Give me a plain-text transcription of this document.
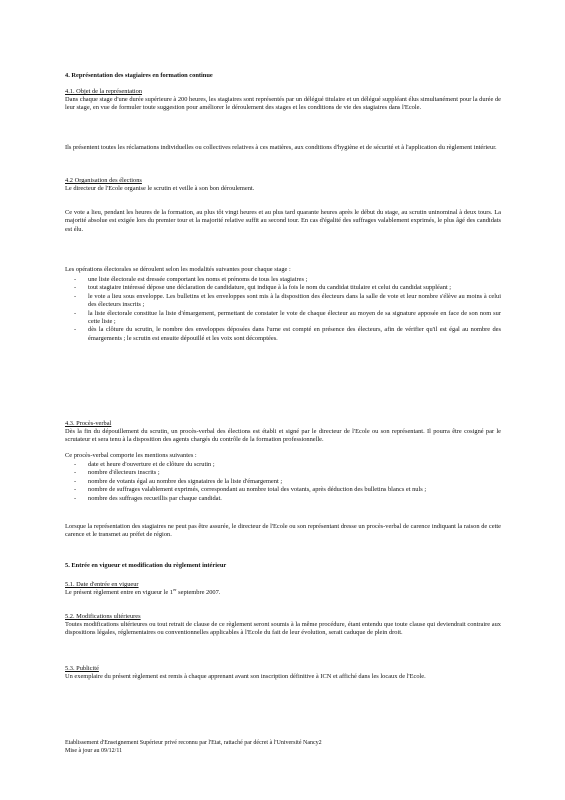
4. Représentation des stagiaires en formation continue
4.1. Objet de la représentation
Dans chaque stage d'une durée supérieure à 200 heures, les stagiaires sont représentés par un délégué titulaire et un délégué suppléant élus simultanément pour la durée de leur stage, en vue de formuler toute suggestion pour améliorer le déroulement des stages et les conditions de vie des stagiaires dans l'Ecole.
Ils présentent toutes les réclamations individuelles ou collectives relatives à ces matières, aux conditions d'hygiène et de sécurité et à l'application du règlement intérieur.
4.2 Organisation des élections
Le directeur de l'Ecole organise le scrutin et veille à son bon déroulement.
Ce vote a lieu, pendant les heures de la formation, au plus tôt vingt heures et au plus tard quarante heures après le début du stage, au scrutin uninominal à deux tours. La majorité absolue est exigée lors du premier tour et la majorité relative suffit au second tour. En cas d'égalité des suffrages valablement exprimés, le plus âgé des candidats est élu.
Les opérations électorales se déroulent selon les modalités suivantes pour chaque stage :
- une liste électorale est dressée comportant les noms et prénoms de tous les stagiaires ;
- tout stagiaire intéressé dépose une déclaration de candidature, qui indique à la fois le nom du candidat titulaire et celui du candidat suppléant ;
- le vote a lieu sous enveloppe. Les bulletins et les enveloppes sont mis à la disposition des électeurs dans la salle de vote et leur nombre s'élève au moins à celui des électeurs inscrits ;
- la liste électorale constitue la liste d'émargement, permettant de constater le vote de chaque électeur au moyen de sa signature apposée en face de son nom sur cette liste ;
- dès la clôture du scrutin, le nombre des enveloppes déposées dans l'urne est compté en présence des électeurs, afin de vérifier qu'il est égal au nombre des émargements ; le scrutin est ensuite dépouillé et les voix sont décomptées.
4.3. Procès-verbal
Dès la fin du dépouillement du scrutin, un procès-verbal des élections est établi et signé par le directeur de l'Ecole ou son représentant. Il pourra être cosigné par le scrutateur et sera tenu à la disposition des agents chargés du contrôle de la formation professionnelle.
Ce procès-verbal comporte les mentions suivantes :
- date et heure d'ouverture et de clôture du scrutin ;
- nombre d'électeurs inscrits ;
- nombre de votants égal au nombre des signataires de la liste d'émargement ;
- nombre de suffrages valablement exprimés, correspondant au nombre total des votants, après déduction des bulletins blancs et nuls ;
- nombre des suffrages recueillis par chaque candidat.
Lorsque la représentation des stagiaires ne peut pas être assurée, le directeur de l'Ecole ou son représentant dresse un procès-verbal de carence indiquant la raison de cette carence et le transmet au préfet de région.
5. Entrée en vigueur et modification du règlement intérieur
5.1. Date d'entrée en vigueur
Le présent règlement entre en vigueur le 1er septembre 2007.
5.2. Modifications ultérieures
Toutes modifications ultérieures ou tout retrait de clause de ce règlement seront soumis à la même procédure, étant entendu que toute clause qui deviendrait contraire aux dispositions légales, réglementaires ou conventionnelles applicables à l'Ecole du fait de leur évolution, serait caduque de plein droit.
5.3. Publicité
Un exemplaire du présent règlement est remis à chaque apprenant avant son inscription définitive à ICN et affiché dans les locaux de l'Ecole.
Etablissement d'Enseignement Supérieur privé reconnu par l'Etat, rattaché par décret à l'Université Nancy2
Mise à jour au 09/12/11
